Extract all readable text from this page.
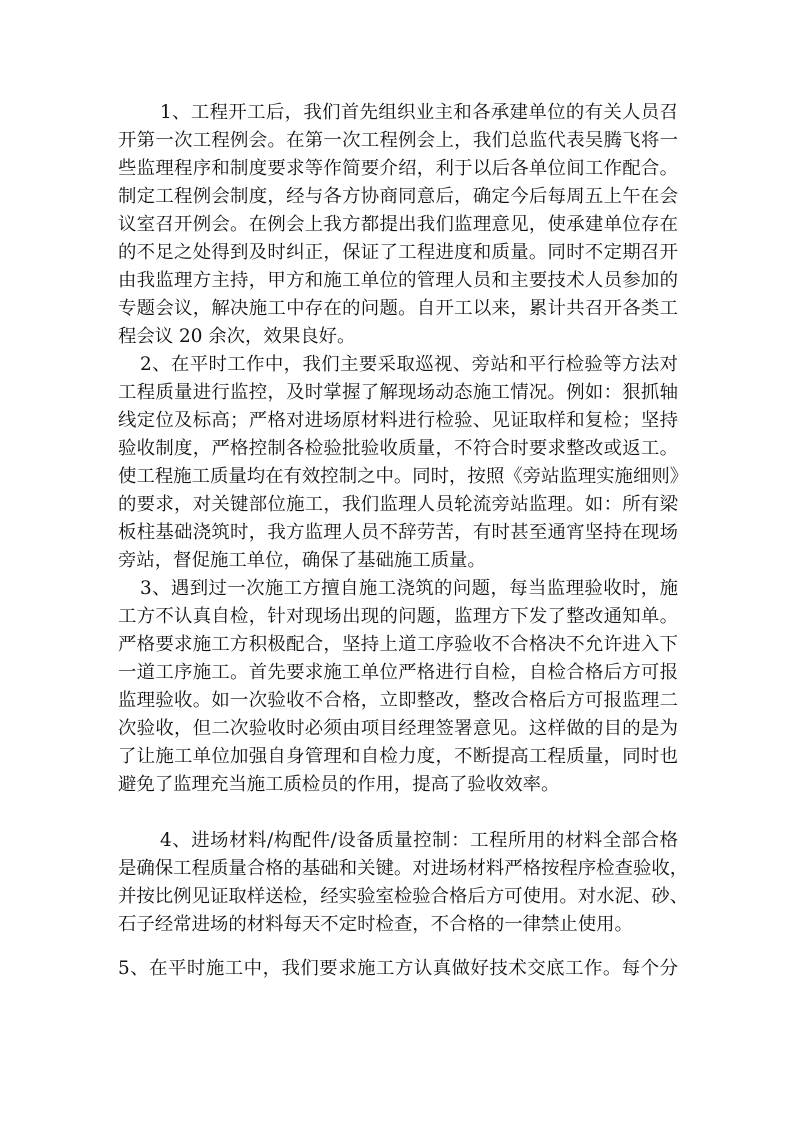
1、工程开工后，我们首先组织业主和各承建单位的有关人员召
开第一次工程例会。在第一次工程例会上，我们总监代表吴腾飞将一
些监理程序和制度要求等作简要介绍，利于以后各单位间工作配合。
制定工程例会制度，经与各方协商同意后，确定今后每周五上午在会
议室召开例会。在例会上我方都提出我们监理意见，使承建单位存在
的不足之处得到及时纠正，保证了工程进度和质量。同时不定期召开
由我监理方主持，甲方和施工单位的管理人员和主要技术人员参加的
专题会议，解决施工中存在的问题。自开工以来，累计共召开各类工
程会议 20 余次，效果良好。
2、在平时工作中，我们主要采取巡视、旁站和平行检验等方法对
工程质量进行监控，及时掌握了解现场动态施工情况。例如：狠抓轴
线定位及标高；严格对进场原材料进行检验、见证取样和复检；坚持
验收制度，严格控制各检验批验收质量，不符合时要求整改或返工。
使工程施工质量均在有效控制之中。同时，按照《旁站监理实施细则》
的要求，对关键部位施工，我们监理人员轮流旁站监理。如：所有梁
板柱基础浇筑时，我方监理人员不辞劳苦，有时甚至通宵坚持在现场
旁站，督促施工单位，确保了基础施工质量。
3、遇到过一次施工方擅自施工浇筑的问题，每当监理验收时，施
工方不认真自检，针对现场出现的问题，监理方下发了整改通知单。
严格要求施工方积极配合，坚持上道工序验收不合格决不允许进入下
一道工序施工。首先要求施工单位严格进行自检，自检合格后方可报
监理验收。如一次验收不合格，立即整改，整改合格后方可报监理二
次验收，但二次验收时必须由项目经理签署意见。这样做的目的是为
了让施工单位加强自身管理和自检力度，不断提高工程质量，同时也
避免了监理充当施工质检员的作用，提高了验收效率。
4、进场材料/构配件/设备质量控制：工程所用的材料全部合格
是确保工程质量合格的基础和关键。对进场材料严格按程序检查验收，
并按比例见证取样送检，经实验室检验合格后方可使用。对水泥、砂、
石子经常进场的材料每天不定时检查，不合格的一律禁止使用。
5、在平时施工中，我们要求施工方认真做好技术交底工作。每个分
